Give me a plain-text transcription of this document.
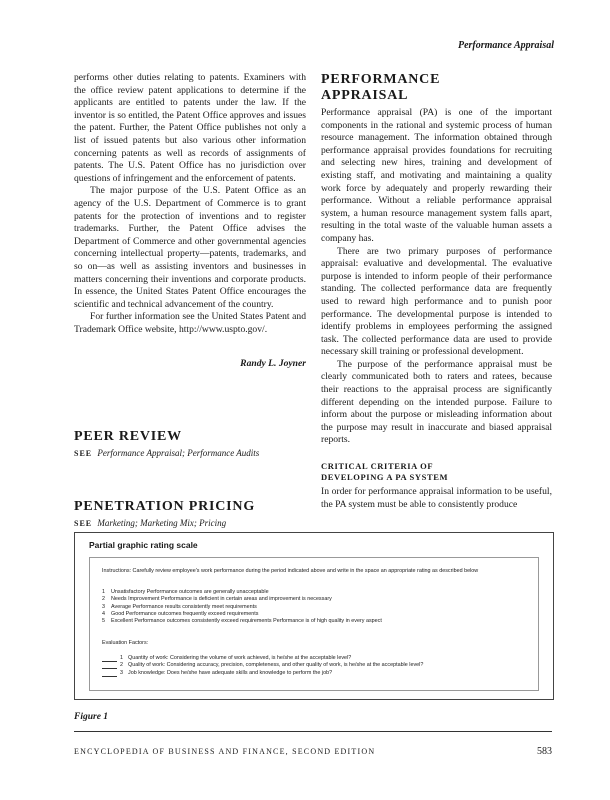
Performance Appraisal

performs other duties relating to patents. Examiners with the office review patent applications to determine if the applicants are entitled to patents under the law. If the inventor is so entitled, the Patent Office approves and issues the patent. Further, the Patent Office publishes not only a list of issued patents but also various other information concerning patents as well as records of assignments of patents. The U.S. Patent Office has no jurisdiction over questions of infringement and the enforcement of patents.

The major purpose of the U.S. Patent Office as an agency of the U.S. Department of Commerce is to grant patents for the protection of inventions and to register trademarks. Further, the Patent Office advises the Department of Commerce and other governmental agencies concerning intellectual property—patents, trademarks, and so on—as well as assisting inventors and businesses in matters concerning their inventions and corporate products. In essence, the United States Patent Office encourages the scientific and technical advancement of the country.

For further information see the United States Patent and Trademark Office website, http://www.uspto.gov/.

Randy L. Joyner
PEER REVIEW
SEE Performance Appraisal; Performance Audits
PENETRATION PRICING
SEE Marketing; Marketing Mix; Pricing
PERFORMANCE
APPRAISAL

Performance appraisal (PA) is one of the important components in the rational and systemic process of human resource management. The information obtained through performance appraisal provides foundations for recruiting and selecting new hires, training and development of existing staff, and motivating and maintaining a quality work force by adequately and properly rewarding their performance. Without a reliable performance appraisal system, a human resource management system falls apart, resulting in the total waste of the valuable human assets a company has.

There are two primary purposes of performance appraisal: evaluative and developmental. The evaluative purpose is intended to inform people of their performance standing. The collected performance data are frequently used to reward high performance and to punish poor performance. The developmental purpose is intended to identify problems in employees performing the assigned task. The collected performance data are used to provide necessary skill training or professional development.

The purpose of the performance appraisal must be clearly communicated both to raters and ratees, because their reactions to the appraisal process are significantly different depending on the intended purpose. Failure to inform about the purpose or misleading information about the purpose may result in inaccurate and biased appraisal reports.

CRITICAL CRITERIA OF
DEVELOPING A PA SYSTEM

In order for performance appraisal information to be useful, the PA system must be able to consistently produce

Partial graphic rating scale
Instructions: Carefully review employee's work performance during the period indicated above and write in the space an appropriate rating as described below
1 Unsatisfactory Performance outcomes are generally unacceptable
2 Needs Improvement Performance is deficient in certain areas and improvement is necessary
3 Average Performance results consistently meet requirements
4 Good Performance outcomes frequently exceed requirements
5 Excellent Performance outcomes consistently exceed requirements Performance is of high quality in every aspect
Evaluation Factors:
1 Quantity of work: Considering the volume of work achieved, is he/she at the acceptable level?
2 Quality of work: Considering accuracy, precision, completeness, and other quality of work, is he/she at the acceptable level?
3 Job knowledge: Does he/she have adequate skills and knowledge to perform the job?
Figure 1
ENCYCLOPEDIA OF BUSINESS AND FINANCE, SECOND EDITION	583
